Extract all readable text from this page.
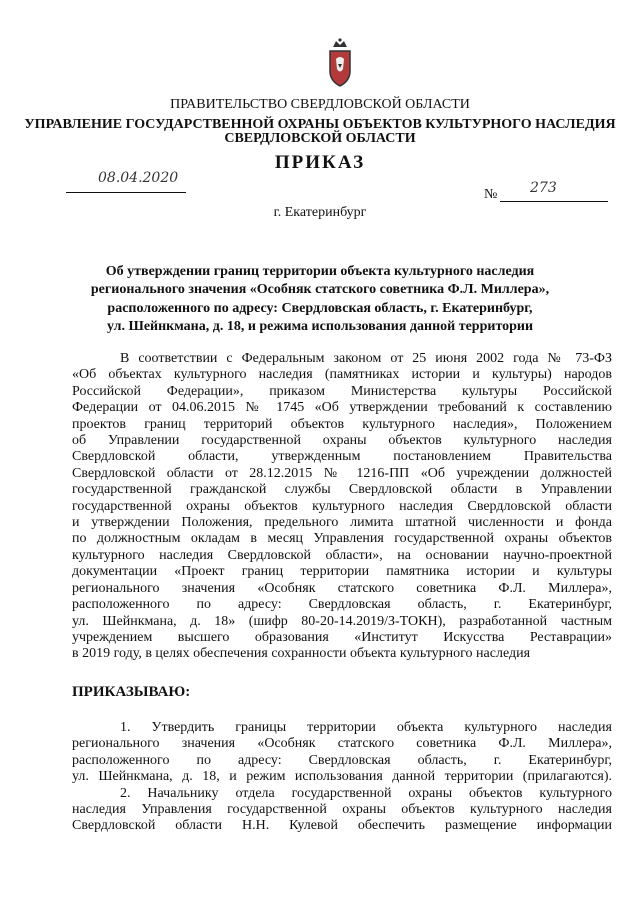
ПРАВИТЕЛЬСТВО СВЕРДЛОВСКОЙ ОБЛАСТИ
УПРАВЛЕНИЕ ГОСУДАРСТВЕННОЙ ОХРАНЫ ОБЪЕКТОВ КУЛЬТУРНОГО НАСЛЕДИЯ
СВЕРДЛОВСКОЙ ОБЛАСТИ
ПРИКАЗ
08.04.2020
№ 273
г. Екатеринбург
Об утверждении границ территории объекта культурного наследия
регионального значения «Особняк статского советника Ф.Л. Миллера»,
расположенного по адресу: Свердловская область, г. Екатеринбург,
ул. Шейнкмана, д. 18, и режима использования данной территории
В соответствии с Федеральным законом от 25 июня 2002 года № 73-ФЗ
«Об объектах культурного наследия (памятниках истории и культуры) народов
Российской Федерации», приказом Министерства культуры Российской
Федерации от 04.06.2015 № 1745 «Об утверждении требований к составлению
проектов границ территорий объектов культурного наследия», Положением
об Управлении государственной охраны объектов культурного наследия
Свердловской области, утвержденным постановлением Правительства
Свердловской области от 28.12.2015 № 1216-ПП «Об учреждении должностей
государственной гражданской службы Свердловской области в Управлении
государственной охраны объектов культурного наследия Свердловской области
и утверждении Положения, предельного лимита штатной численности и фонда
по должностным окладам в месяц Управления государственной охраны объектов
культурного наследия Свердловской области», на основании научно-проектной
документации «Проект границ территории памятника истории и культуры
регионального значения «Особняк статского советника Ф.Л. Миллера»,
расположенного по адресу: Свердловская область, г. Екатеринбург,
ул. Шейнкмана, д. 18» (шифр 80-20-14.2019/З-ТОКН), разработанной частным
учреждением высшего образования «Институт Искусства Реставрации»
в 2019 году, в целях обеспечения сохранности объекта культурного наследия
ПРИКАЗЫВАЮ:
1. Утвердить границы территории объекта культурного наследия
регионального значения «Особняк статского советника Ф.Л. Миллера»,
расположенного по адресу: Свердловская область, г. Екатеринбург,
ул. Шейнкмана, д. 18, и режим использования данной территории (прилагаются).
2. Начальнику отдела государственной охраны объектов культурного
наследия Управления государственной охраны объектов культурного наследия
Свердловской области Н.Н. Кулевой обеспечить размещение информации
